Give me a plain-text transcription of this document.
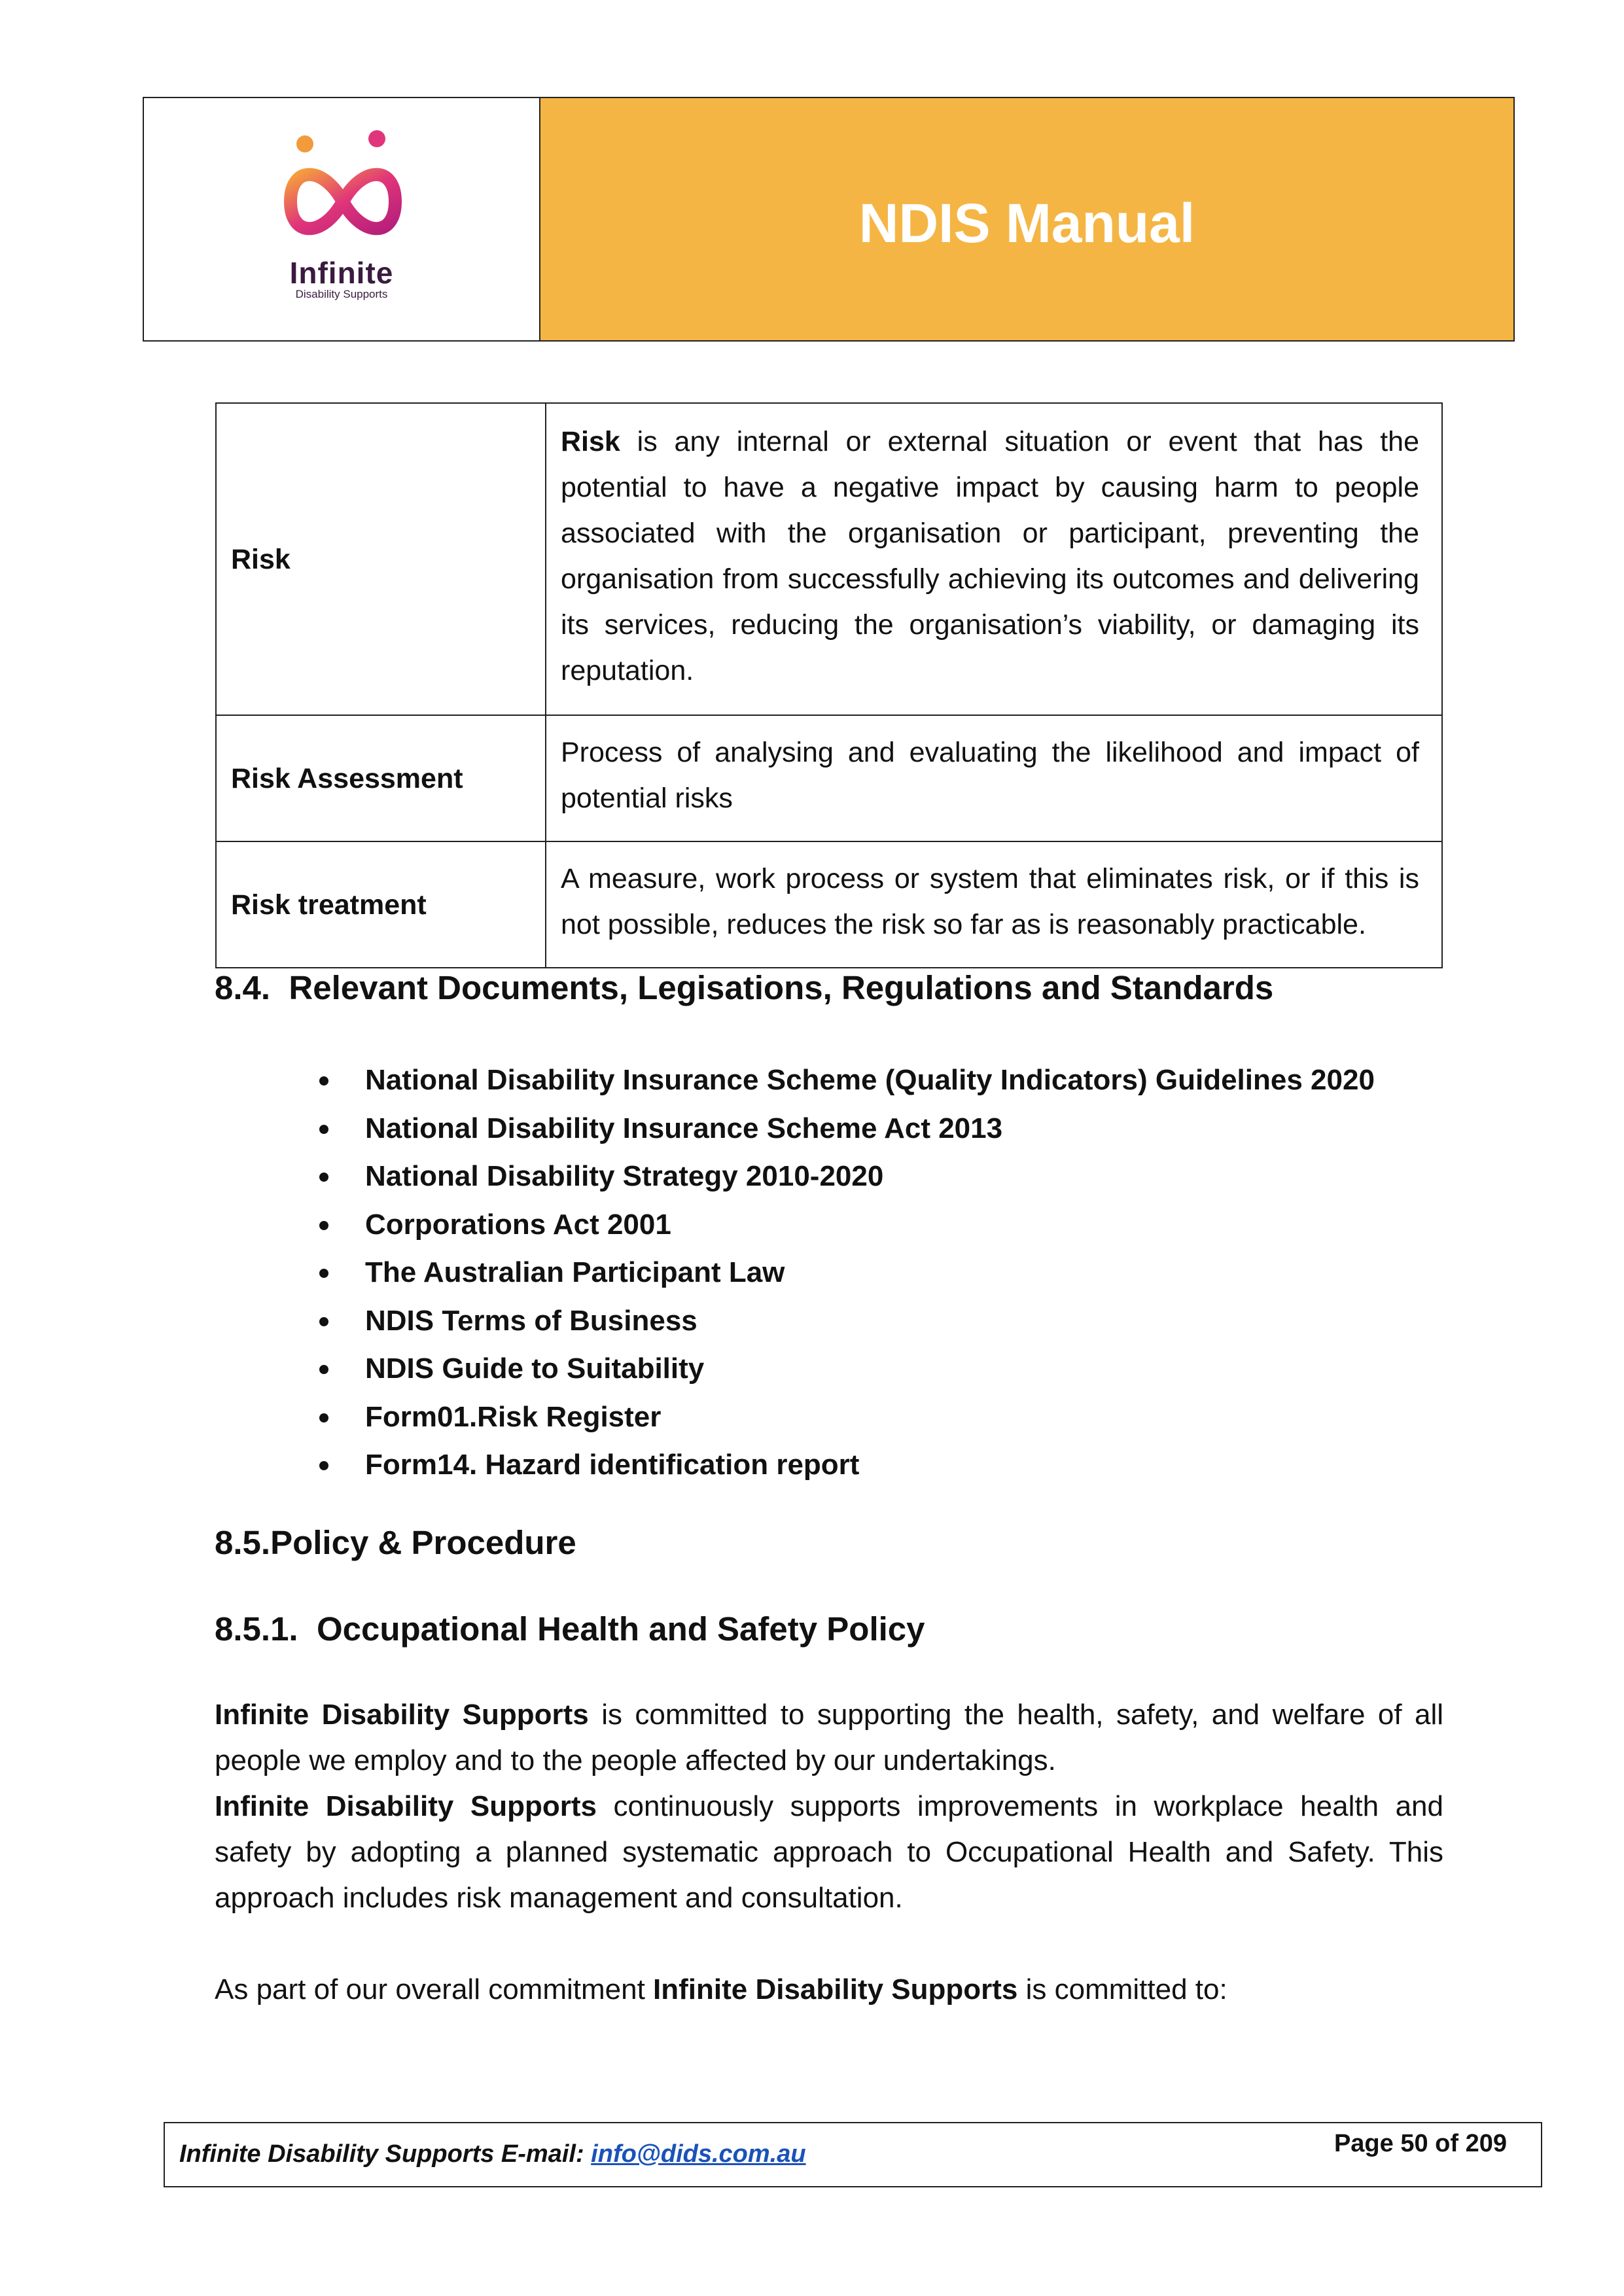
Infinite
Disability Supports
NDIS Manual
Risk	Risk is any internal or external situation or event that has the potential to have a negative impact by causing harm to people associated with the organisation or participant, preventing the organisation from successfully achieving its outcomes and delivering its services, reducing the organisation’s viability, or damaging its reputation.
Risk Assessment	Process of analysing and evaluating the likelihood and impact of potential risks
Risk treatment	A measure, work process or system that eliminates risk, or if this is not possible, reduces the risk so far as is reasonably practicable.
8.4.  Relevant Documents, Legisations, Regulations and Standards
National Disability Insurance Scheme (Quality Indicators) Guidelines 2020
National Disability Insurance Scheme Act 2013
National Disability Strategy 2010-2020
Corporations Act 2001
The Australian Participant Law
NDIS Terms of Business
NDIS Guide to Suitability
Form01.Risk Register
Form14. Hazard identification report
8.5.Policy & Procedure
8.5.1.  Occupational Health and Safety Policy
Infinite Disability Supports is committed to supporting the health, safety, and welfare of all people we employ and to the people affected by our undertakings.
Infinite Disability Supports continuously supports improvements in workplace health and safety by adopting a planned systematic approach to Occupational Health and Safety. This approach includes risk management and consultation.
As part of our overall commitment Infinite Disability Supports is committed to:
Infinite Disability Supports E-mail: info@dids.com.au	Page 50 of 209
